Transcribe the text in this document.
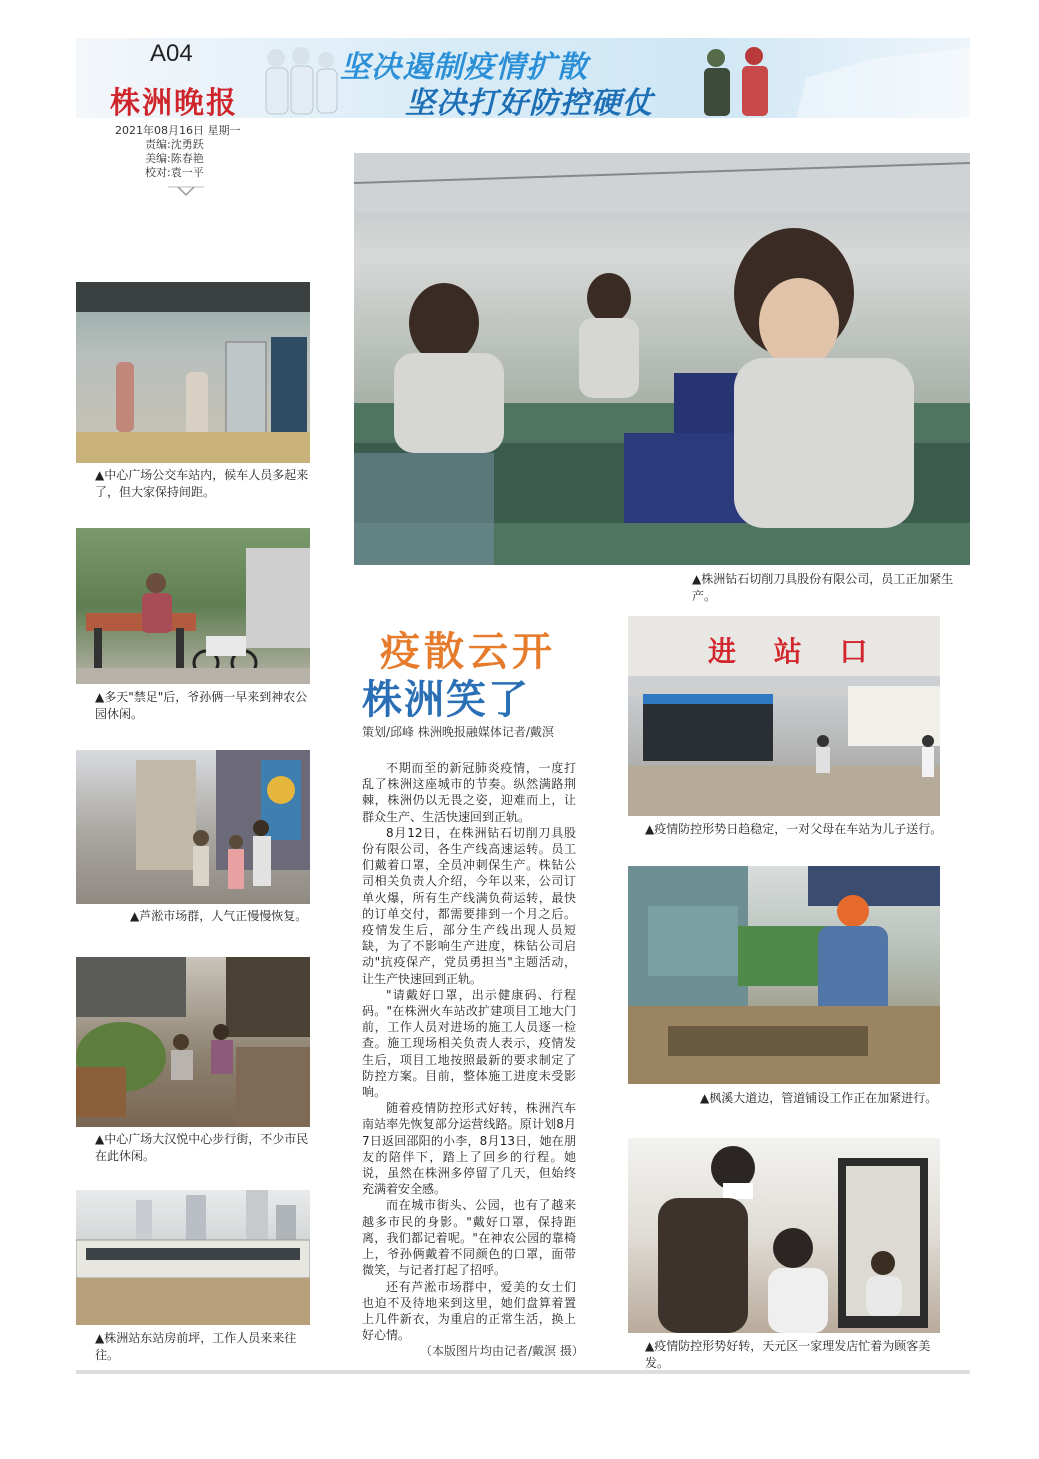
A04
株洲晚报
坚决遏制疫情扩散
坚决打好防控硬仗
2021年08月16日 星期一
责编:沈勇跃
美编:陈春艳
校对:袁一平
▲中心广场公交车站内，候车人员多起来了，但大家保持间距。
▲多天"禁足"后，爷孙俩一早来到神农公园休闲。
▲芦淞市场群，人气正慢慢恢复。
▲中心广场大汉悦中心步行街，不少市民在此休闲。
▲株洲站东站房前坪，工作人员来来往往。
▲株洲钻石切削刀具股份有限公司，员工正加紧生产。
疫散云开
株洲笑了
策划/邱峰 株洲晚报融媒体记者/戴溟

不期而至的新冠肺炎疫情，一度打乱了株洲这座城市的节奏。纵然满路荆棘，株洲仍以无畏之姿，迎难而上，让群众生产、生活快速回到正轨。

8月12日，在株洲钻石切削刀具股份有限公司，各生产线高速运转。员工们戴着口罩，全员冲刺保生产。株钻公司相关负责人介绍，今年以来，公司订单火爆，所有生产线满负荷运转，最快的订单交付，都需要排到一个月之后。疫情发生后，部分生产线出现人员短缺，为了不影响生产进度，株钻公司启动"抗疫保产，党员勇担当"主题活动，让生产快速回到正轨。

"请戴好口罩，出示健康码、行程码。"在株洲火车站改扩建项目工地大门前，工作人员对进场的施工人员逐一检查。施工现场相关负责人表示，疫情发生后，项目工地按照最新的要求制定了防控方案。目前，整体施工进度未受影响。

随着疫情防控形式好转，株洲汽车南站率先恢复部分运营线路。原计划8月7日返回邵阳的小李，8月13日，她在朋友的陪伴下，踏上了回乡的行程。她说，虽然在株洲多停留了几天，但始终充满着安全感。

而在城市街头、公园，也有了越来越多市民的身影。"戴好口罩，保持距离，我们都记着呢。"在神农公园的靠椅上，爷孙俩戴着不同颜色的口罩，面带微笑，与记者打起了招呼。

还有芦淞市场群中，爱美的女士们也迫不及待地来到这里，她们盘算着置上几件新衣，为重启的正常生活，换上好心情。

（本版图片均由记者/戴溟 摄）
进 站 口
▲疫情防控形势日趋稳定，一对父母在车站为儿子送行。
▲枫溪大道边，管道铺设工作正在加紧进行。
▲疫情防控形势好转，天元区一家理发店忙着为顾客美发。
